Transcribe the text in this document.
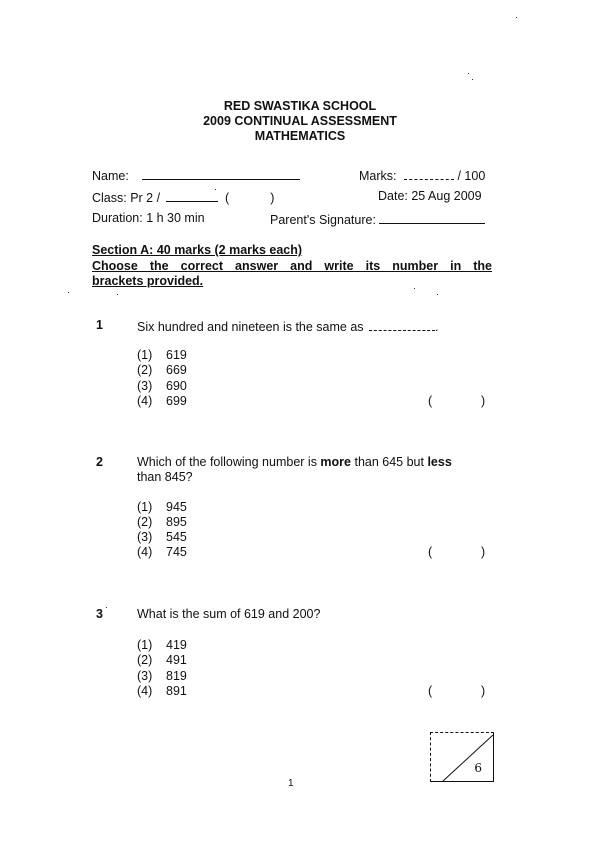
RED SWASTIKA SCHOOL
2009 CONTINUAL ASSESSMENT
MATHEMATICS
Name:	Marks:	/ 100
Class: Pr 2 /	(	)	Date: 25 Aug 2009
Duration: 1 h 30 min	Parent's Signature:
Section A: 40 marks (2 marks each)
Choose the correct answer and write its number in the
brackets provided.
1	Six hundred and nineteen is the same as	.
(1) 619
(2) 669
(3) 690
(4) 699	(	)
2	Which of the following number is more than 645 but less
than 845?
(1) 945
(2) 895
(3) 545
(4) 745	(	)
3	What is the sum of 619 and 200?
(1) 419
(2) 491
(3) 819
(4) 891	(	)
6
1
